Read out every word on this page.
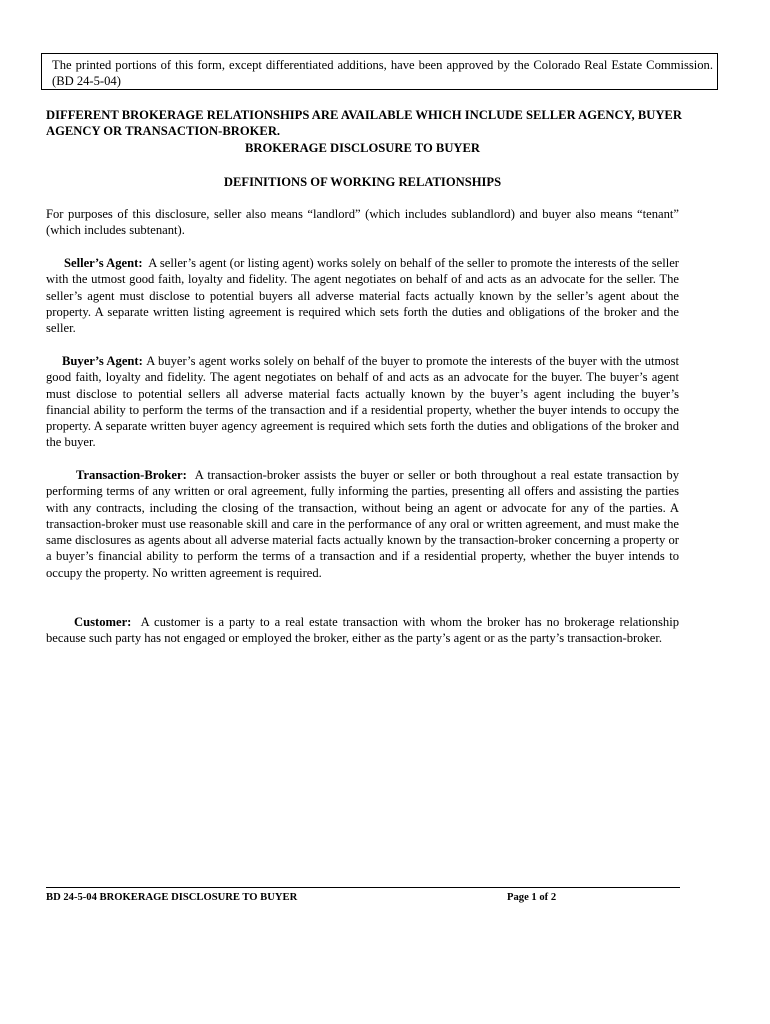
The printed portions of this form, except differentiated additions, have been approved by the Colorado Real Estate Commission. (BD 24-5-04)
DIFFERENT BROKERAGE RELATIONSHIPS ARE AVAILABLE WHICH INCLUDE SELLER AGENCY, BUYER AGENCY OR TRANSACTION-BROKER.
BROKERAGE DISCLOSURE TO BUYER
DEFINITIONS OF WORKING RELATIONSHIPS

For purposes of this disclosure, seller also means “landlord” (which includes sublandlord) and buyer also means “tenant” (which includes subtenant).

Seller’s Agent: A seller’s agent (or listing agent) works solely on behalf of the seller to promote the interests of the seller with the utmost good faith, loyalty and fidelity. The agent negotiates on behalf of and acts as an advocate for the seller. The seller’s agent must disclose to potential buyers all adverse material facts actually known by the seller’s agent about the property. A separate written listing agreement is required which sets forth the duties and obligations of the broker and the seller.

Buyer’s Agent: A buyer’s agent works solely on behalf of the buyer to promote the interests of the buyer with the utmost good faith, loyalty and fidelity. The agent negotiates on behalf of and acts as an advocate for the buyer. The buyer’s agent must disclose to potential sellers all adverse material facts actually known by the buyer’s agent including the buyer’s financial ability to perform the terms of the transaction and if a residential property, whether the buyer intends to occupy the property. A separate written buyer agency agreement is required which sets forth the duties and obligations of the broker and the buyer.

Transaction-Broker: A transaction-broker assists the buyer or seller or both throughout a real estate transaction by performing terms of any written or oral agreement, fully informing the parties, presenting all offers and assisting the parties with any contracts, including the closing of the transaction, without being an agent or advocate for any of the parties. A transaction-broker must use reasonable skill and care in the performance of any oral or written agreement, and must make the same disclosures as agents about all adverse material facts actually known by the transaction-broker concerning a property or a buyer’s financial ability to perform the terms of a transaction and if a residential property, whether the buyer intends to occupy the property. No written agreement is required.

Customer: A customer is a party to a real estate transaction with whom the broker has no brokerage relationship because such party has not engaged or employed the broker, either as the party’s agent or as the party’s transaction-broker.

BD 24-5-04 BROKERAGE DISCLOSURE TO BUYER	Page 1 of 2
